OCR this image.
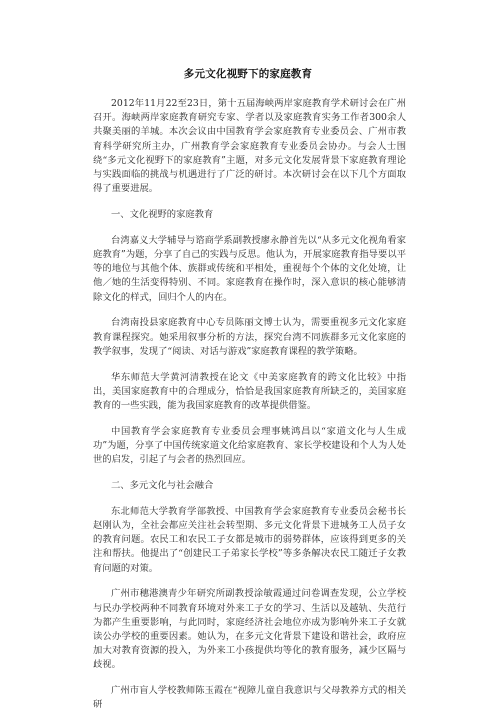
多元文化视野下的家庭教育

2012年11月22至23日，第十五届海峡两岸家庭教育学术研讨会在广州召开。海峡两岸家庭教育研究专家、学者以及家庭教育实务工作者300余人共聚美丽的羊城。本次会议由中国教育学会家庭教育专业委员会、广州市教育科学研究所主办，广州教育学会家庭教育专业委员会协办。与会人士围绕“多元文化视野下的家庭教育”主题，对多元文化发展背景下家庭教育理论与实践面临的挑战与机遇进行了广泛的研讨。本次研讨会在以下几个方面取得了重要进展。

一、文化视野的家庭教育

台湾嘉义大学辅导与谘商学系副教授廖永静首先以“从多元文化视角看家庭教育”为题，分享了自己的实践与反思。他认为，开展家庭教育指导要以平等的地位与其他个体、族群或传统和平相处，重视每个个体的文化处境，让他／她的生活变得特别、不同。家庭教育在操作时，深入意识的核心能够清除文化的样式，回归个人的内在。

台湾南投县家庭教育中心专员陈丽文博士认为，需要重视多元文化家庭教育课程探究。她采用叙事分析的方法，探究台湾不同族群多元文化家庭的教学叙事，发现了“阅读、对话与游戏”家庭教育课程的教学策略。

华东师范大学黄河清教授在论文《中美家庭教育的跨文化比较》中指出，美国家庭教育中的合理成分，恰恰是我国家庭教育所缺乏的，美国家庭教育的一些实践，能为我国家庭教育的改革提供借鉴。

中国教育学会家庭教育专业委员会理事姚鸿昌以“家道文化与人生成功”为题，分享了中国传统家道文化给家庭教育、家长学校建设和个人为人处世的启发，引起了与会者的热烈回应。

二、多元文化与社会融合

东北师范大学教育学部教授、中国教育学会家庭教育专业委员会秘书长赵刚认为，全社会都应关注社会转型期、多元文化背景下进城务工人员子女的教育问题。农民工和农民工子女都是城市的弱势群体，应该得到更多的关注和帮扶。他提出了“创建民工子弟家长学校”等多条解决农民工随迁子女教育问题的对策。

广州市穗港澳青少年研究所副教授涂敏霞通过问卷调查发现，公立学校与民办学校两种不同教育环境对外来工子女的学习、生活以及越轨、失范行为都产生重要影响，与此同时，家庭经济社会地位亦成为影响外来工子女就读公办学校的重要因素。她认为，在多元文化背景下建设和谐社会，政府应加大对教育资源的投入，为外来工小孩提供均等化的教育服务，减少区隔与歧视。

广州市盲人学校教师陈玉霞在“视障儿童自我意识与父母教养方式的相关研
